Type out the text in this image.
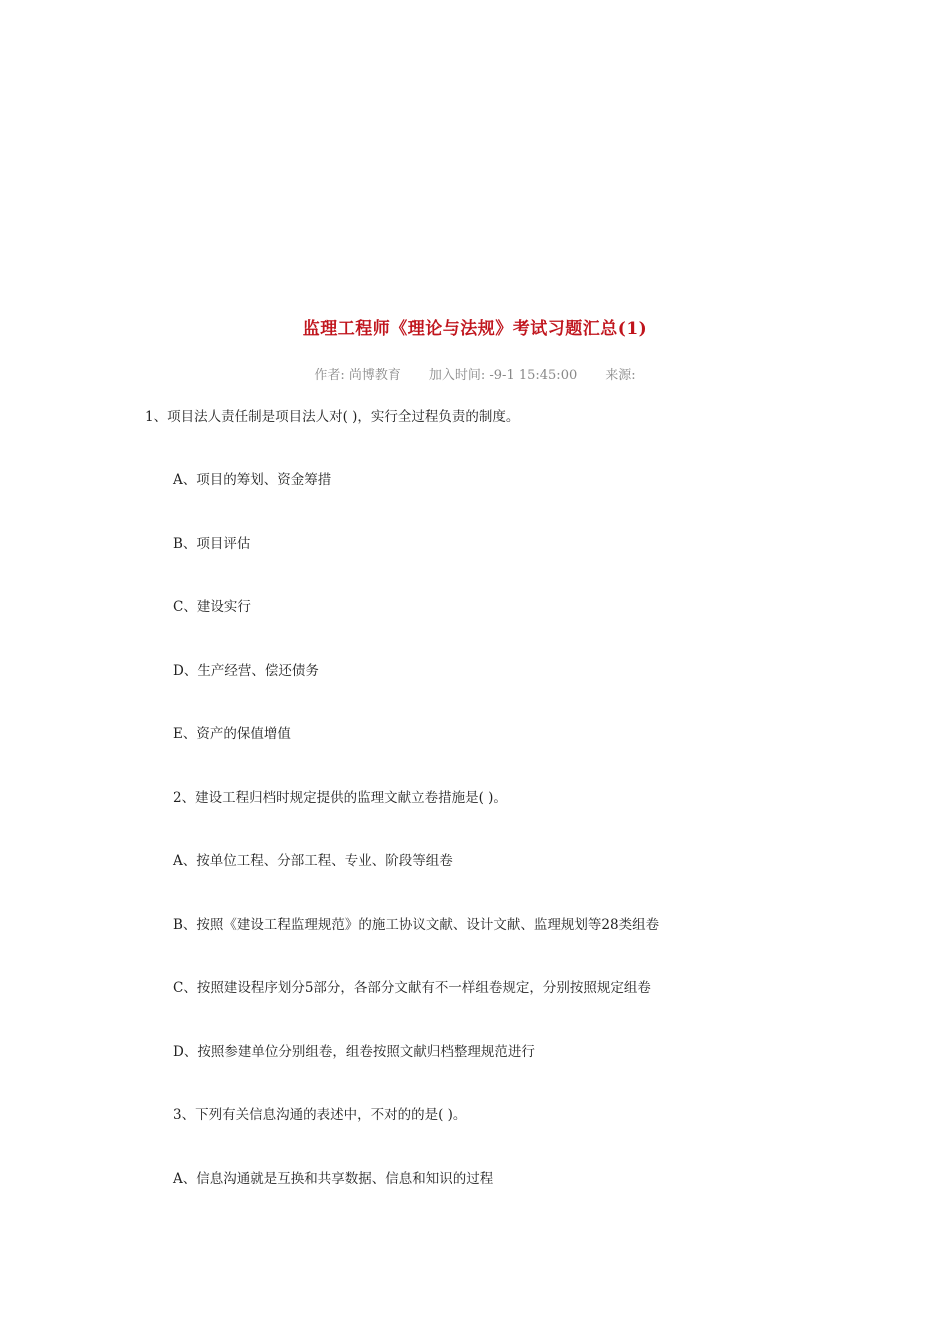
监理工程师《理论与法规》考试习题汇总(1)
作者: 尚博教育 加入时间: -9-1 15:45:00 来源:
1、项目法人责任制是项目法人对( )，实行全过程负责的制度。
A、项目的筹划、资金筹措
B、项目评估
C、建设实行
D、生产经营、偿还债务
E、资产的保值增值
2、建设工程归档时规定提供的监理文献立卷措施是( )。
A、按单位工程、分部工程、专业、阶段等组卷
B、按照《建设工程监理规范》的施工协议文献、设计文献、监理规划等28类组卷
C、按照建设程序划分5部分，各部分文献有不一样组卷规定，分别按照规定组卷
D、按照参建单位分别组卷，组卷按照文献归档整理规范进行
3、下列有关信息沟通的表述中，不对的的是( )。
A、信息沟通就是互换和共享数据、信息和知识的过程
